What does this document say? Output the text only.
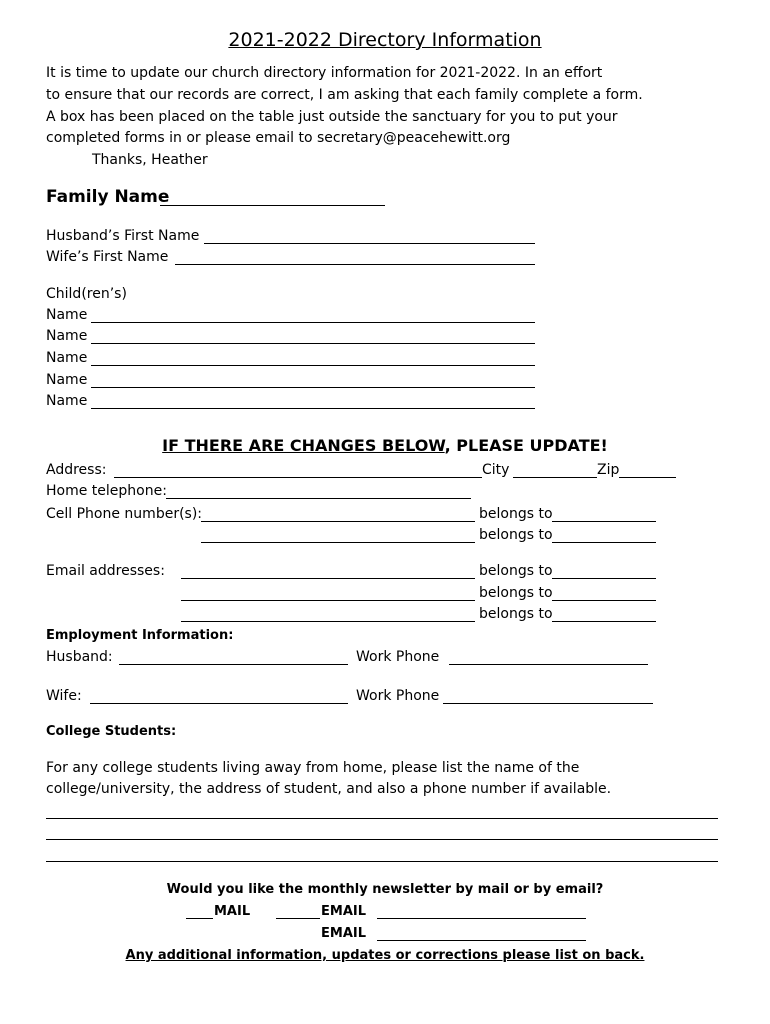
2021-2022 Directory Information
It is time to update our church directory information for 2021-2022. In an effort
to ensure that our records are correct, I am asking that each family complete a form.
A box has been placed on the table just outside the sanctuary for you to put your
completed forms in or please email to secretary@peacehewitt.org
Thanks, Heather
Family Name
Husband’s First Name
Wife’s First Name
Child(ren’s)
Name
Name
Name
Name
Name
IF THERE ARE CHANGES BELOW, PLEASE UPDATE!
Address:	City	Zip
Home telephone:
Cell Phone number(s):	belongs to
belongs to
Email addresses:	belongs to
belongs to
belongs to
Employment Information:
Husband:	Work Phone
Wife:	Work Phone
College Students:
For any college students living away from home, please list the name of the
college/university, the address of student, and also a phone number if available.
Would you like the monthly newsletter by mail or by email?
MAIL	EMAIL
EMAIL
Any additional information, updates or corrections please list on back.
